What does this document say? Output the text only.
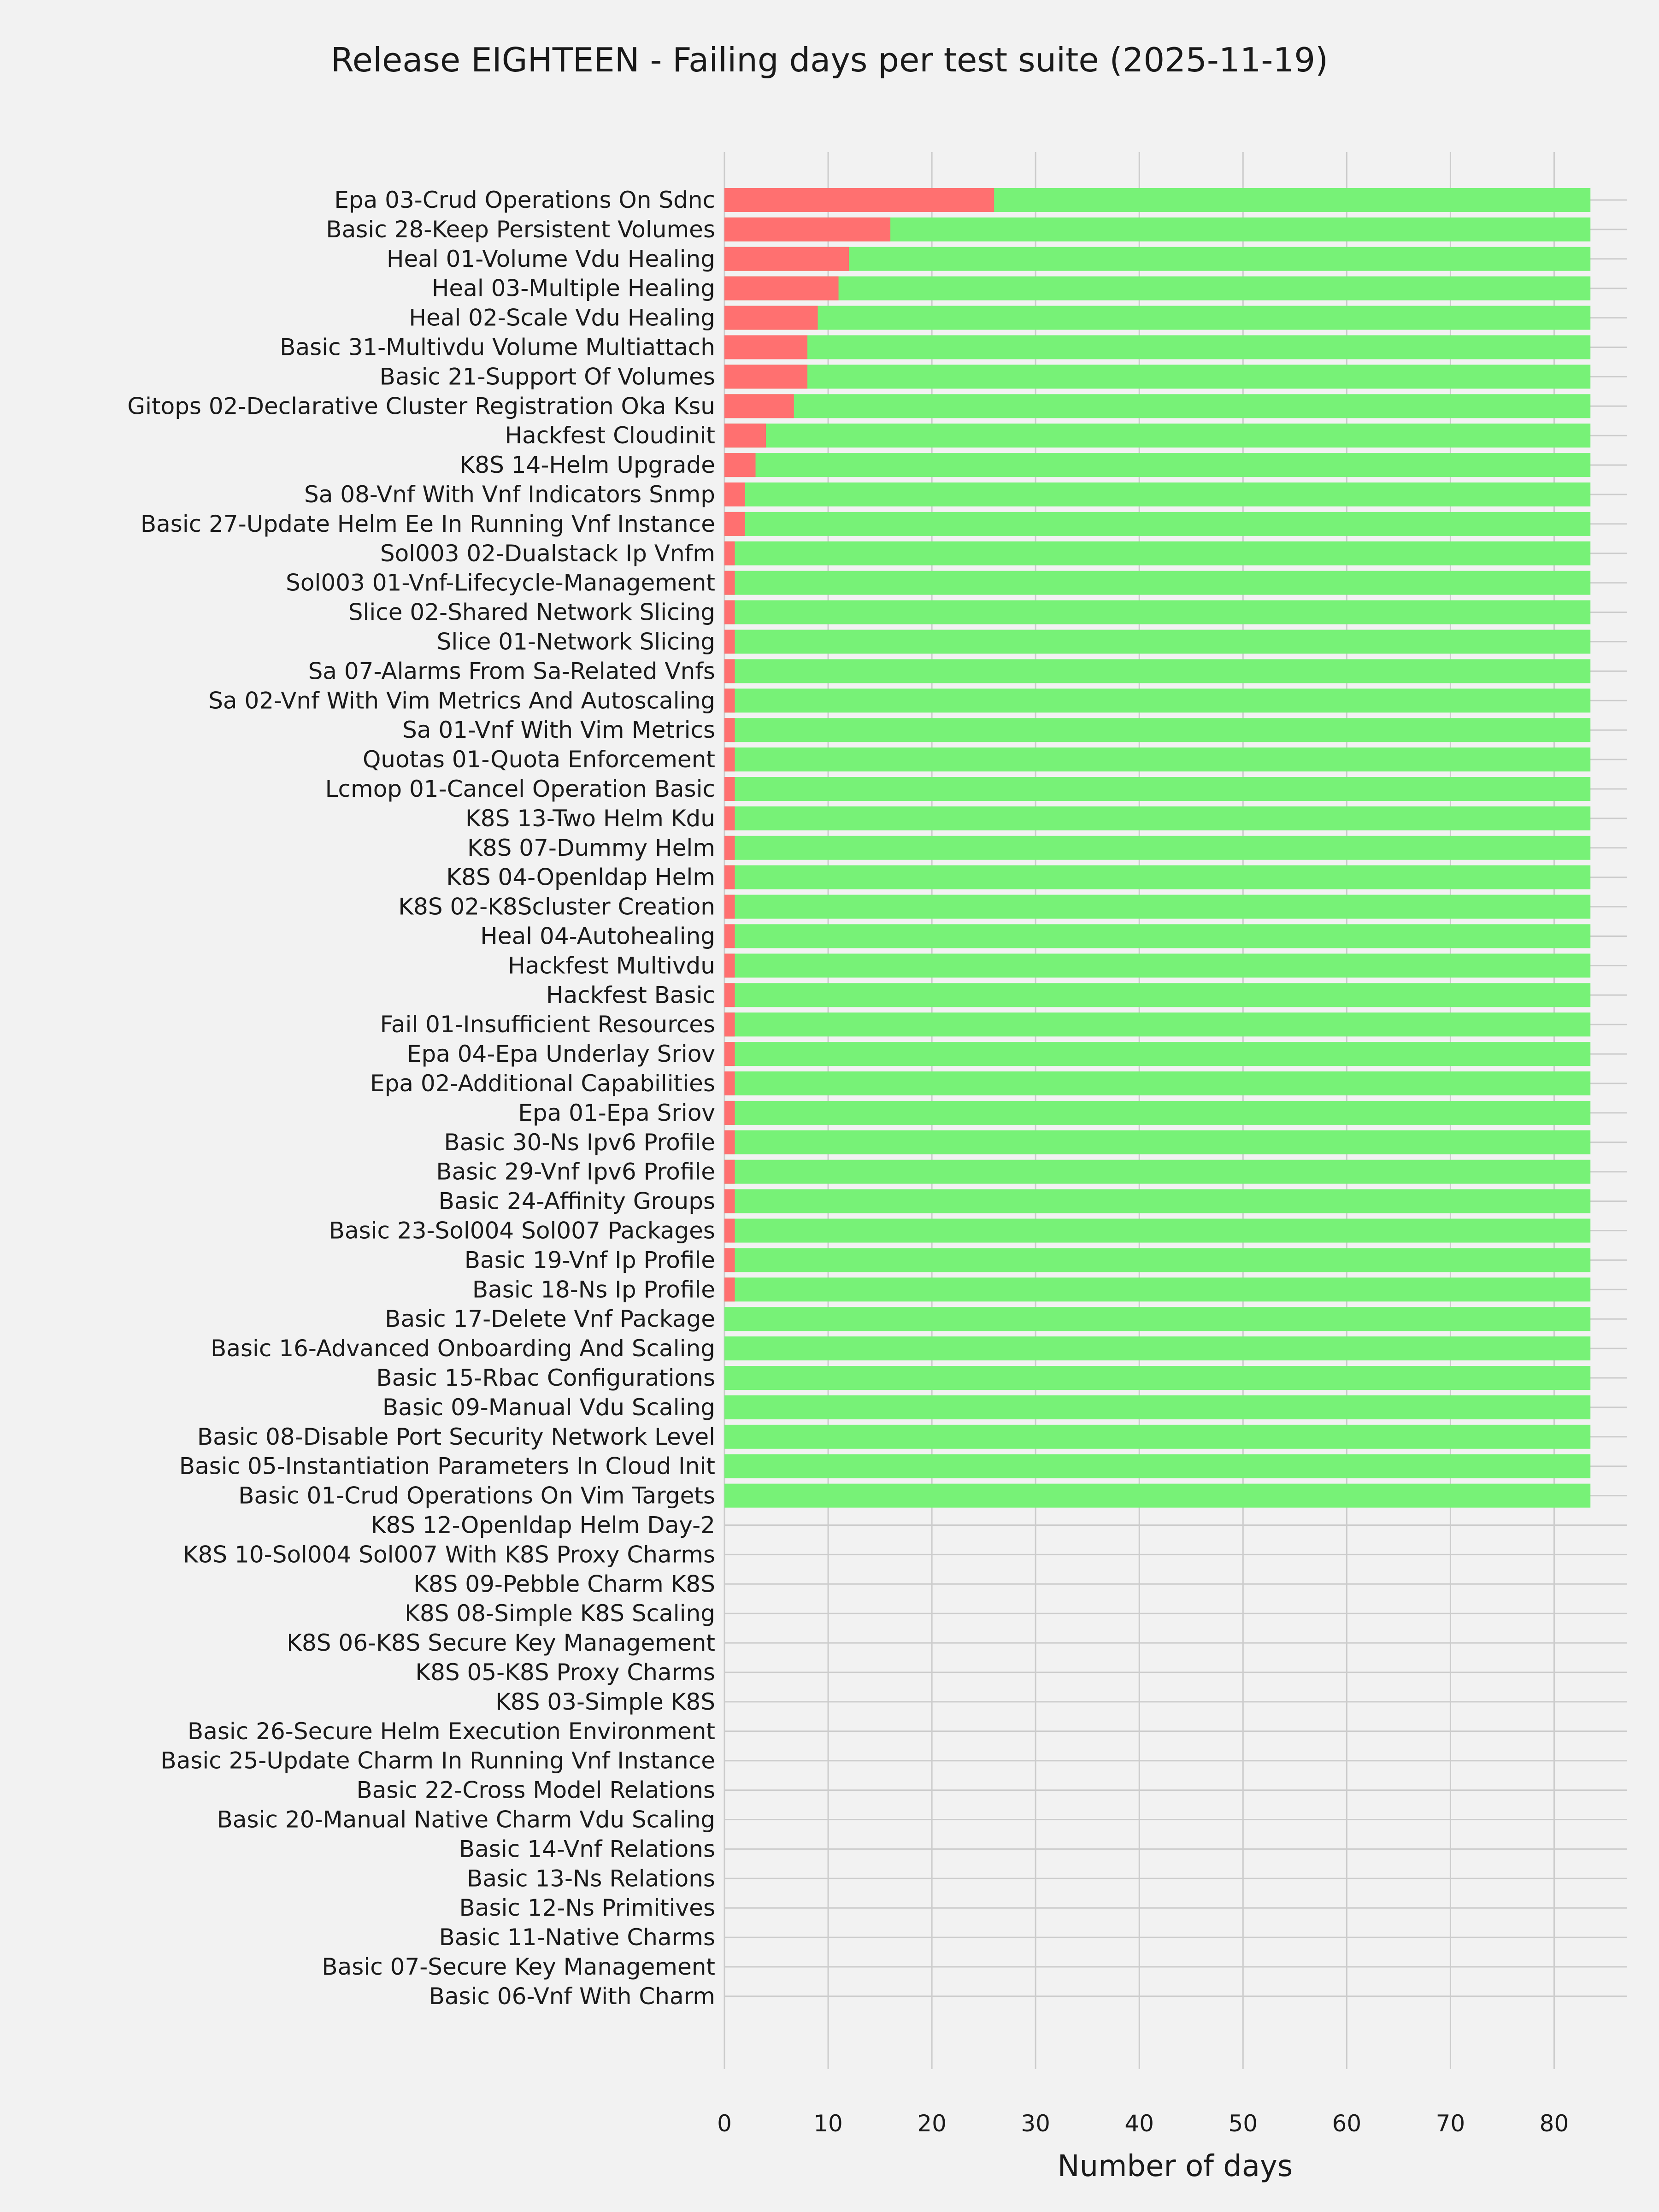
Epa 03-Crud Operations On Sdnc
Basic 28-Keep Persistent Volumes
Heal 01-Volume Vdu Healing
Heal 03-Multiple Healing
Heal 02-Scale Vdu Healing
Basic 31-Multivdu Volume Multiattach
Basic 21-Support Of Volumes
Gitops 02-Declarative Cluster Registration Oka Ksu
Hackfest Cloudinit
K8S 14-Helm Upgrade
Sa 08-Vnf With Vnf Indicators Snmp
Basic 27-Update Helm Ee In Running Vnf Instance
Sol003 02-Dualstack Ip Vnfm
Sol003 01-Vnf-Lifecycle-Management
Slice 02-Shared Network Slicing
Slice 01-Network Slicing
Sa 07-Alarms From Sa-Related Vnfs
Sa 02-Vnf With Vim Metrics And Autoscaling
Sa 01-Vnf With Vim Metrics
Quotas 01-Quota Enforcement
Lcmop 01-Cancel Operation Basic
K8S 13-Two Helm Kdu
K8S 07-Dummy Helm
K8S 04-Openldap Helm
K8S 02-K8Scluster Creation
Heal 04-Autohealing
Hackfest Multivdu
Hackfest Basic
Fail 01-Insufficient Resources
Epa 04-Epa Underlay Sriov
Epa 02-Additional Capabilities
Epa 01-Epa Sriov
Basic 30-Ns Ipv6 Profile
Basic 29-Vnf Ipv6 Profile
Basic 24-Affinity Groups
Basic 23-Sol004 Sol007 Packages
Basic 19-Vnf Ip Profile
Basic 18-Ns Ip Profile
Basic 17-Delete Vnf Package
Basic 16-Advanced Onboarding And Scaling
Basic 15-Rbac Configurations
Basic 09-Manual Vdu Scaling
Basic 08-Disable Port Security Network Level
Basic 05-Instantiation Parameters In Cloud Init
Basic 01-Crud Operations On Vim Targets
K8S 12-Openldap Helm Day-2
K8S 10-Sol004 Sol007 With K8S Proxy Charms
K8S 09-Pebble Charm K8S
K8S 08-Simple K8S Scaling
K8S 06-K8S Secure Key Management
K8S 05-K8S Proxy Charms
K8S 03-Simple K8S
Basic 26-Secure Helm Execution Environment
Basic 25-Update Charm In Running Vnf Instance
Basic 22-Cross Model Relations
Basic 20-Manual Native Charm Vdu Scaling
Basic 14-Vnf Relations
Basic 13-Ns Relations
Basic 12-Ns Primitives
Basic 11-Native Charms
Basic 07-Secure Key Management
Basic 06-Vnf With Charm
0	10	20	30	40	50	60	70	80
Release EIGHTEEN - Failing days per test suite (2025-11-19)
Number of days
